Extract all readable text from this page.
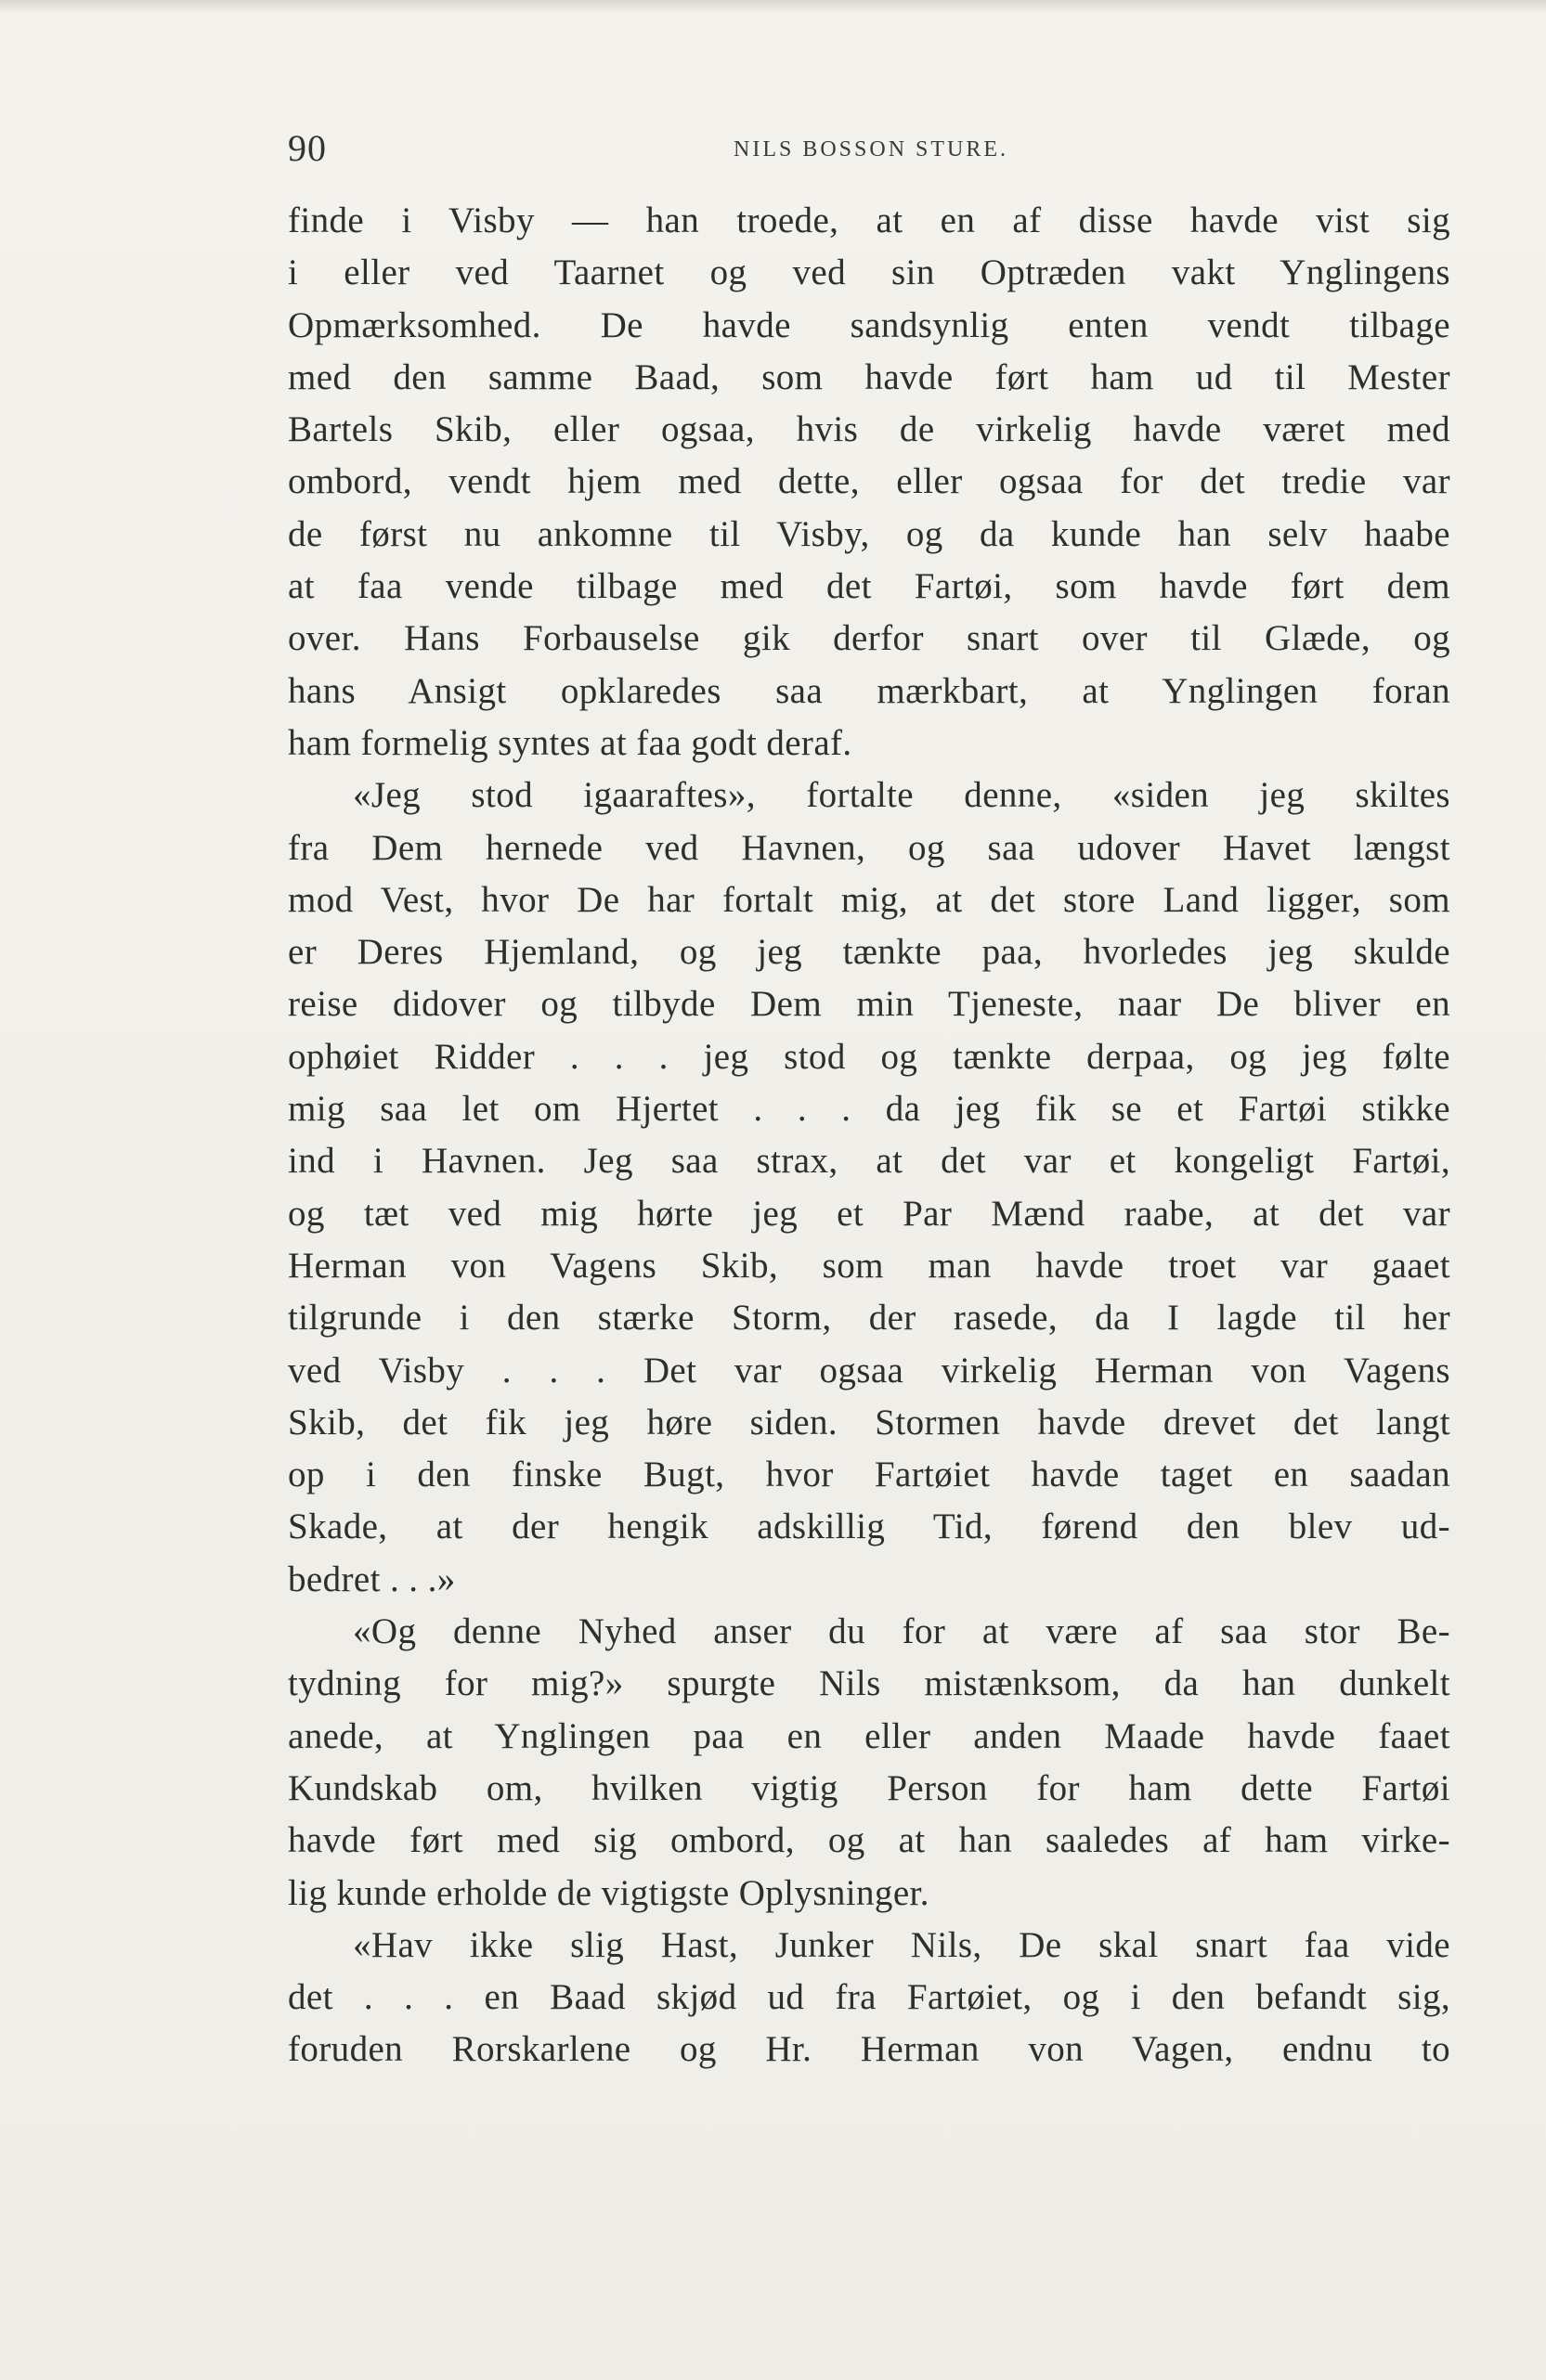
90	NILS BOSSON STURE.
finde i Visby — han troede, at en af disse havde vist sig
i eller ved Taarnet og ved sin Optræden vakt Ynglingens
Opmærksomhed. De havde sandsynlig enten vendt tilbage
med den samme Baad, som havde ført ham ud til Mester
Bartels Skib, eller ogsaa, hvis de virkelig havde været med
ombord, vendt hjem med dette, eller ogsaa for det tredie var
de først nu ankomne til Visby, og da kunde han selv haabe
at faa vende tilbage med det Fartøi, som havde ført dem
over. Hans Forbauselse gik derfor snart over til Glæde, og
hans Ansigt opklaredes saa mærkbart, at Ynglingen foran
ham formelig syntes at faa godt deraf.
«Jeg stod igaaraftes», fortalte denne, «siden jeg skiltes
fra Dem hernede ved Havnen, og saa udover Havet længst
mod Vest, hvor De har fortalt mig, at det store Land ligger, som
er Deres Hjemland, og jeg tænkte paa, hvorledes jeg skulde
reise didover og tilbyde Dem min Tjeneste, naar De bliver en
ophøiet Ridder . . . jeg stod og tænkte derpaa, og jeg følte
mig saa let om Hjertet . . . da jeg fik se et Fartøi stikke
ind i Havnen. Jeg saa strax, at det var et kongeligt Fartøi,
og tæt ved mig hørte jeg et Par Mænd raabe, at det var
Herman von Vagens Skib, som man havde troet var gaaet
tilgrunde i den stærke Storm, der rasede, da I lagde til her
ved Visby . . . Det var ogsaa virkelig Herman von Vagens
Skib, det fik jeg høre siden. Stormen havde drevet det langt
op i den finske Bugt, hvor Fartøiet havde taget en saadan
Skade, at der hengik adskillig Tid, førend den blev ud-
bedret . . .»
«Og denne Nyhed anser du for at være af saa stor Be-
tydning for mig?» spurgte Nils mistænksom, da han dunkelt
anede, at Ynglingen paa en eller anden Maade havde faaet
Kundskab om, hvilken vigtig Person for ham dette Fartøi
havde ført med sig ombord, og at han saaledes af ham virke-
lig kunde erholde de vigtigste Oplysninger.
«Hav ikke slig Hast, Junker Nils, De skal snart faa vide
det . . . en Baad skjød ud fra Fartøiet, og i den befandt sig,
foruden Rorskarlene og Hr. Herman von Vagen, endnu to
